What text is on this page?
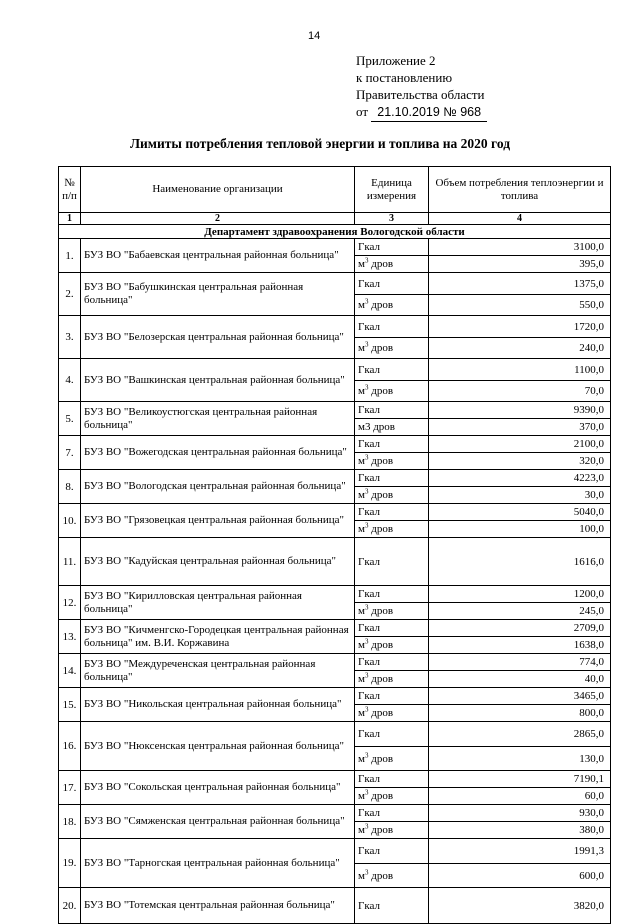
14
Приложение 2
к постановлению
Правительства области
от 21.10.2019 № 968
Лимиты потребления тепловой энергии и топлива на 2020 год
№ п/п	Наименование организации	Единица измерения	Объем потребления теплоэнергии и топлива
1	2	3	4
Департамент здравоохранения Вологодской области			
1.	БУЗ ВО "Бабаевская центральная районная больница"	Гкал	3100,0
		$м^3$ дров	395,0
2.	БУЗ ВО "Бабушкинская центральная районная больница"	Гкал	1375,0
		$м^3$ дров	550,0
3.	БУЗ ВО "Белозерская центральная районная больница"	Гкал	1720,0
		$м^3$ дров	240,0
4.	БУЗ ВО "Вашкинская центральная районная больница"	Гкал	1100,0
		$м^3$ дров	70,0
5.	БУЗ ВО "Великоустюгская центральная районная больница"	Гкал	9390,0
		м3 дров	370,0
7.	БУЗ ВО "Вожегодская центральная районная больница"	Гкал	2100,0
		$м^3$ дров	320,0
8.	БУЗ ВО "Вологодская центральная районная больница"	Гкал	4223,0
		$м^3$ дров	30,0
10.	БУЗ ВО "Грязовецкая центральная районная больница"	Гкал	5040,0
		$м^3$ дров	100,0
11.	БУЗ ВО "Кадуйская центральная районная больница"	Гкал	1616,0
12.	БУЗ ВО "Кирилловская центральная районная больница"	Гкал	1200,0
		$м^3$ дров	245,0
13.	БУЗ ВО "Кичменгско-Городецкая центральная районная больница" им. В.И. Коржавина	Гкал	2709,0
		$м^3$ дров	1638,0
14.	БУЗ ВО "Междуреченская центральная районная больница"	Гкал	774,0
		$м^3$ дров	40,0
15.	БУЗ ВО "Никольская центральная районная больница"	Гкал	3465,0
		$м^3$ дров	800,0
16.	БУЗ ВО "Нюксенская центральная районная больница"	Гкал	2865,0
		$м^3$ дров	130,0
17.	БУЗ ВО "Сокольская центральная районная больница"	Гкал	7190,1
		$м^3$ дров	60,0
18.	БУЗ ВО "Сямженская центральная районная больница"	Гкал	930,0
		$м^3$ дров	380,0
19.	БУЗ ВО "Тарногская центральная районная больница"	Гкал	1991,3
		$м^3$ дров	600,0
20.	БУЗ ВО "Тотемская центральная районная больница"	Гкал	3820,0
